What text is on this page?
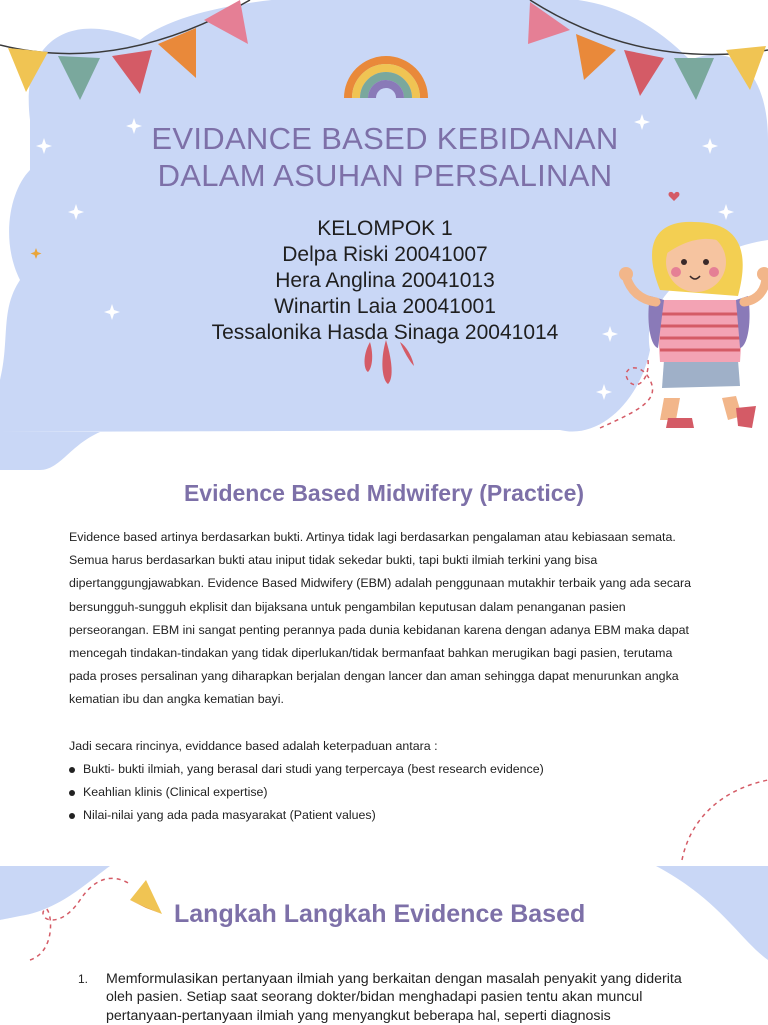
EVIDANCE BASED KEBIDANAN
DALAM ASUHAN PERSALINAN
KELOMPOK 1
Delpa Riski 20041007
Hera Anglina 20041013
Winartin Laia 20041001
Tessalonika Hasda Sinaga 20041014
Evidence Based Midwifery (Practice)

Evidence based artinya berdasarkan bukti. Artinya tidak lagi berdasarkan pengalaman atau kebiasaan semata. Semua harus berdasarkan bukti atau iniput tidak sekedar bukti, tapi bukti ilmiah terkini yang bisa dipertanggungjawabkan. Evidence Based Midwifery (EBM) adalah penggunaan mutakhir terbaik yang ada secara bersungguh-sungguh ekplisit dan bijaksana untuk pengambilan keputusan dalam penanganan pasien perseorangan. EBM ini sangat penting perannya pada dunia kebidanan karena dengan adanya EBM maka dapat mencegah tindakan-tindakan yang tidak diperlukan/tidak bermanfaat bahkan merugikan bagi pasien, terutama pada proses persalinan yang diharapkan berjalan dengan lancer dan aman sehingga dapat menurunkan angka kematian ibu dan angka kematian bayi.

Jadi secara rincinya, eviddance based adalah keterpaduan antara :

Bukti- bukti ilmiah, yang berasal dari studi yang terpercaya (best research evidence)
Keahlian klinis (Clinical expertise)
Nilai-nilai yang ada pada masyarakat (Patient values)
Langkah Langkah Evidence Based
1. Memformulasikan pertanyaan ilmiah yang berkaitan dengan masalah penyakit yang diderita oleh pasien. Setiap saat seorang dokter/bidan menghadapi pasien tentu akan muncul pertanyaan-pertanyaan ilmiah yang menyangkut beberapa hal, seperti diagnosis
